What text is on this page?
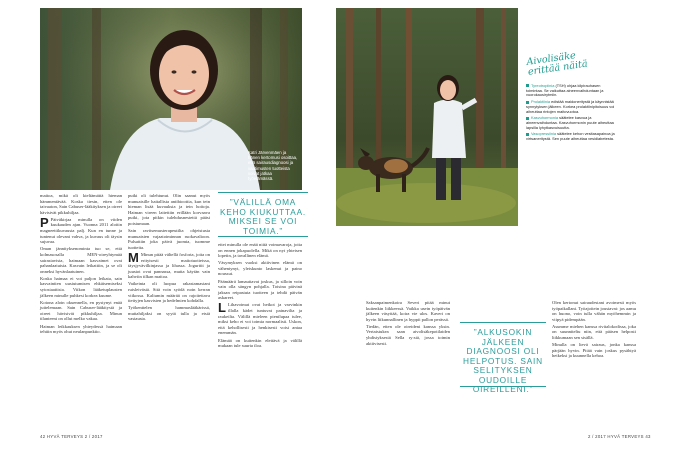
Katri Järvenmäen ja hänen kertomusi osoittaa, että sairausdiagnoosi ja vaatimusten tuotteista voivat jatkaa työelämässä.

maitoa, mikä oli kieltämättä hieman hämmentävää. Koska tiesin, etten ole taivaaton, Sain Cabuser-lääkityksen ja oireet hävisivät pikkuhiljaa.

P Päiväkirjaa minulla on viiden kuukauden ajan. Vuonna 2011 aloitin magneettikuvausta palj. Kun en tunne ja tuntenut olevani vahva, ja kuvaus oli täysin sujuvaa.

Oman jännityksenominta tuo se, että kolmasosalla MEN-oireyhtymää sairastavista, haimaan kasvaimet ovat pahanlaatuisia. Kasvain leikattiin, ja se oli onneksi hyvänlaatuinen.

Koska haimaa ei voi paljon leikata, sain kasvaintien uusiutumisen ehkäisemiseksi sytostaattisia. Viikon lääketuplausten jälkeen minulle puhkesi korkea kuume.

Kotona aloin okuennella, en pystynyt enää juttelemaan. Sain Cabuser-lääkitystä ja oireet hävisivät pikkuhiljaa. Minun tilanteeni on ollut melko vakaa.

Haiman leikkauksen yhteydessä haimaan tehtiin myös ohut neulanpunktio.

putki oli tulehtunut. Olin saanut myös munuaisille haitallista antibioottia, kun tein hieman lisää kuvauksia ja tein hoitoja. Haiman vireen laitettiin erillään korvaava putki, jota pitkin tulehdusnestettä pääsi poistumaan.

Sain ravitsemusterapeutilta ohjeistusta munuaisten vajaatoiminnan ruokavalioon. Pulsattiin joka päivä juomia, tuomme tuotteita.

M Minun pitää vältellä fosforia, joita on erityisesti maitotuotteissa, täysjyvävilkinjassa ja lihassa. Jogurttit ja juustot ovat pannassa, mutta käytän vain kahviin tilkan maitoa.

Vaikeinta oli luopua rakastamastani ruisleivästä. Sitä voin syödä noin kerran viikossa. Kaliumin määrää on rajoitettava tiettyjen kasvisten ja hedelmien kohdalla.

Työkenttelen hammaslääkärissä, muttahiljaksi on syytä tulla ja etsiä vastausta.

”VÄLILLÄ OMA KEHO KIUKUTTAA. MIKSEI SE VOI TOIMIA.”

ettei minulla ole enää niitä voimavaroja, joita on ennen jokapuolella. Mikä on nyt yhteisen lopetin, ja tavallinen elämä.

Väsymyksen vuoksi aktiivinen elämä on vähentynyt, yleiskunto laskenut ja paino noussut.

Päämäärä lamauttavat joskus, ja silloin voin vain olla sängyn pohjalla. Toisina päivinä jaksan reipastuta tuotteen ja tehdä päivän askareet.

L Lihavoimat ovat heikot ja varvinkin illalla kädet tuntuvat painavilta ja raukeilta. Välillä mieleen pienilupaa tulee, miksi keho ei voi toimia normaalisti. Uskon, että kehollisesti ja henkisesti voisi antaa enemmän.

Elämää on kuitenkin elettävä ja välillä mukaan tule suurta iloa.

42 HYVÄ TERVEYS 2 / 2017
Aivolisäke erittää näitä
Tyreotropiinia (TSH) ohjaa kilpirauhasen toimintaa. Se vaikuttaa aineenvaihduntaan ja vuorokausirytmiin.
Prolaktiinia edistää maidoneritystä ja käynnistää synnytyksen jälkeen. Korkea prolaktiinipitoisuus voi aiheuttaa rintojen maitovuotoa.
Kasvuhormonia säätelee kasvua ja aineenvaihduntaa. Kasvuhormonin puute aiheuttaa lapsilla lyhytkasvuisuutta.
Vasopressiinia säätelee kehon vesitasapainoa ja virtsaneritystä. Sen puute aiheuttaa vesidiabetesta.

Saksanpaimenkoira Severi pitää minut kuitenkin liikkeessä. Vaikka usein työpäivän jälkeen väsyttää, koira vie ulos. Kaveri on hyvin liikunnallinen ja hyppii pallon perässä.

Tiedän, etten ole oireideni kanssa yksin. Vertaistukea saan aivolisäkepotilaiden yhdistyksestä Sella ry:stä, jossa toimin aktiivisesti.

”ALKUSOKIN JÄLKEEN DIAGNOOSI OLI HELPOTUS. SAIN SELITYKSEN OUDOILLE OIREILLENI.”

Olen kertonut sairaudestani avoimesti myös työpaikallani. Työajoitein joustavat: jos aamu on huono, voin tulla vähän myöhemmin ja viipyä pidempään.

Asumme miehen kanssa rivitalokodissa, joka on suunniteltu niin, että pääsen helposti liikkumaan sen sisällä.

Minulla on lievä sairaus, jonka kanssa pärjään hyvin. Pitää vain joskus pysähtyä hetkeksi ja kuunnella kehoa.

2 / 2017 HYVÄ TERVEYS 43
